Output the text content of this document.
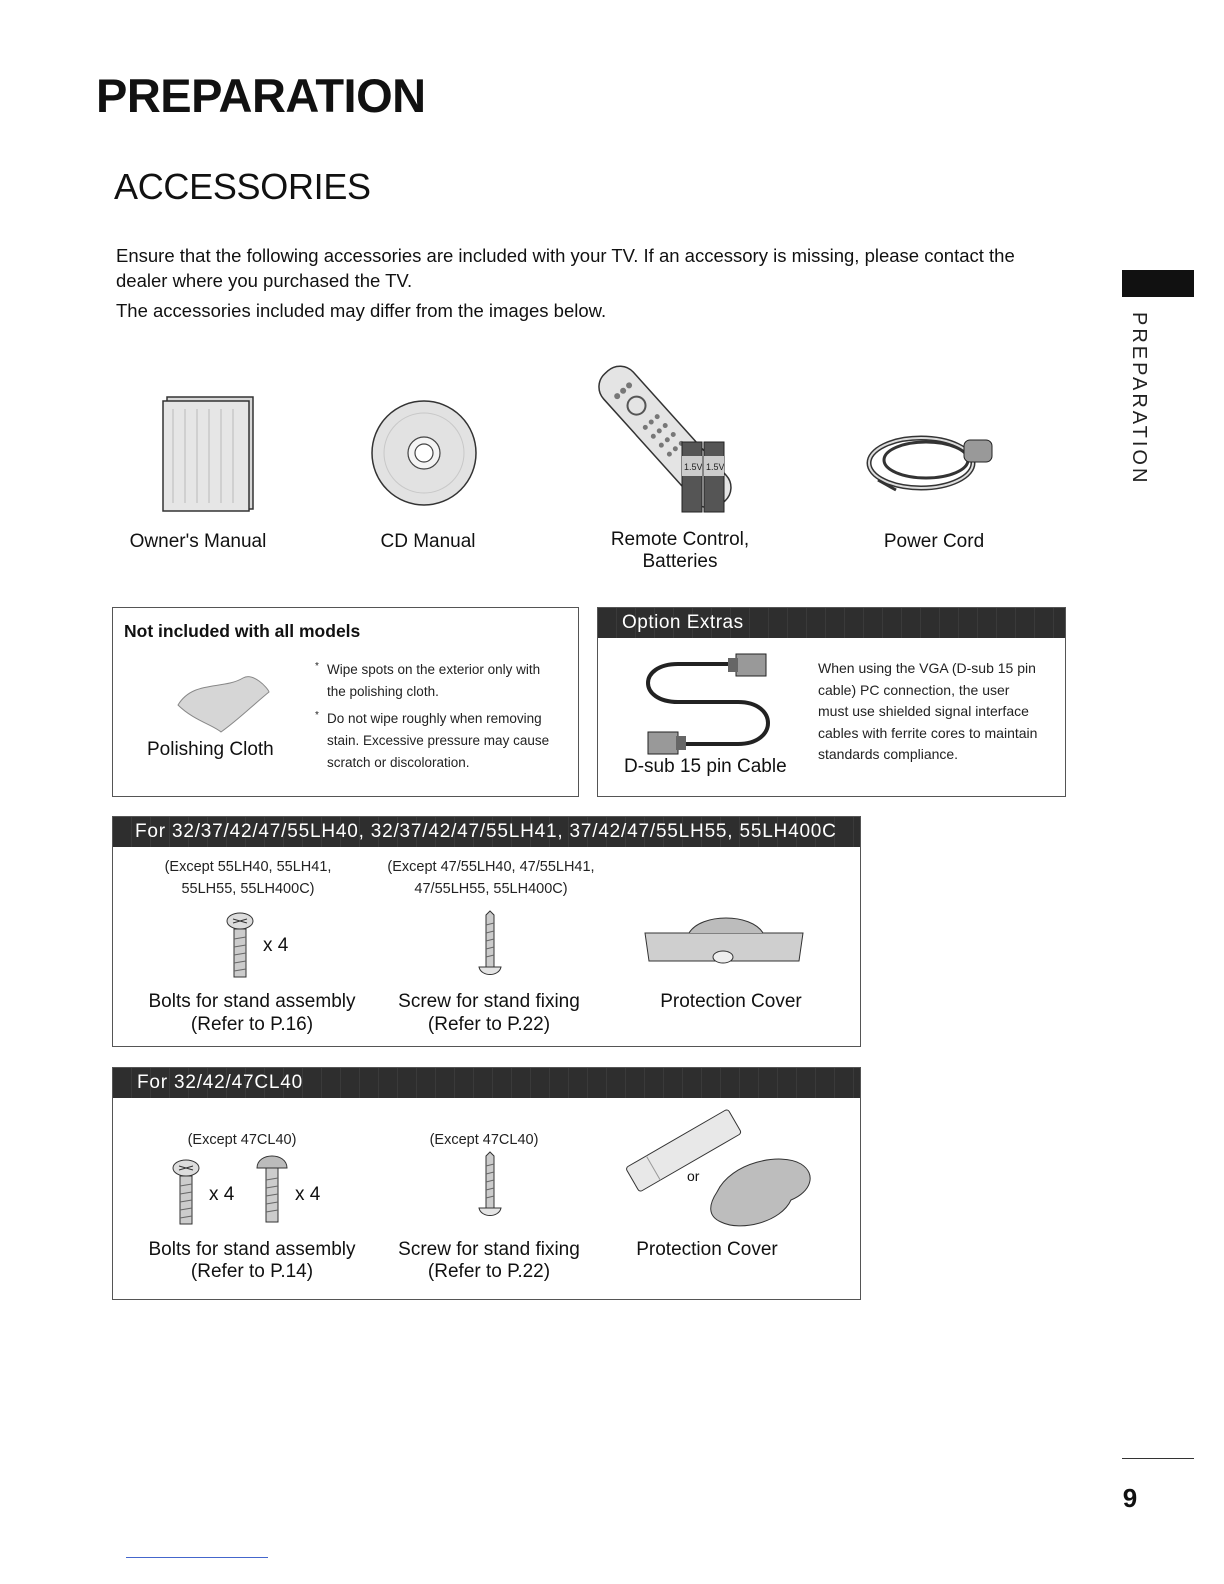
PREPARATION
ACCESSORIES
Ensure that the following accessories are included with your TV. If an accessory is missing, please contact the
dealer where you purchased the TV.
The accessories included may differ from the images below.
PREPARATION
1.5V 1.5V
Owner's Manual	CD Manual	Remote Control,
Batteries
Power Cord
Not included with all models
Polishing Cloth
* Wipe spots on the exterior only with
the polishing cloth.
* Do not wipe roughly when removing
stain. Excessive pressure may cause
scratch or discoloration.
Option Extras
D-sub 15 pin Cable
When using the VGA (D-sub 15 pin
cable) PC connection, the user
must use shielded signal interface
cables with ferrite cores to maintain
standards compliance.
For 32/37/42/47/55LH40, 32/37/42/47/55LH41, 37/42/47/55LH55, 55LH400C
(Except 55LH40, 55LH41,
55LH55, 55LH400C)
(Except 47/55LH40, 47/55LH41,
47/55LH55, 55LH400C)
x 4
Bolts for stand assembly
(Refer to P.16)
Screw for stand fixing
(Refer to P.22)
Protection Cover
For 32/42/47CL40
(Except 47CL40)	(Except 47CL40)
x 4	x 4
or
Bolts for stand assembly
(Refer to P.14)
Screw for stand fixing
(Refer to P.22)
Protection Cover
9
